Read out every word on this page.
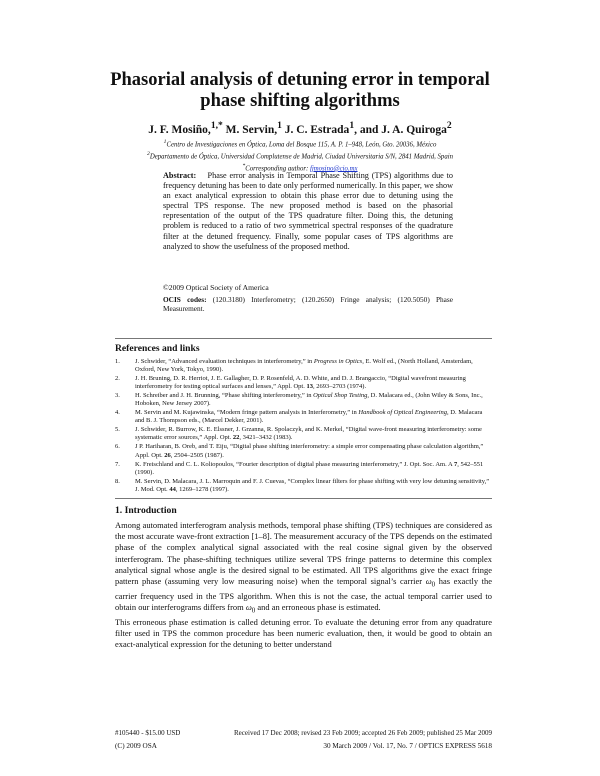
Phasorial analysis of detuning error in temporal
phase shifting algorithms
J. F. Mosiño,$^{1,*}$ M. Servin,$^1$ J. C. Estrada$^1$, and J. A. Quiroga$^2$
$^1$Centro de Investigaciones en Óptica, Loma del Bosque 115, A. P. 1–948, León, Gto. 20036, México
$^2$Departamento de Óptica, Universidad Complutense de Madrid, Ciudad Universitaria S/N, 2841 Madrid, Spain
*Corresponding author: fjmosino@cio.mx
Abstract: Phase error analysis in Temporal Phase Shifting (TPS) algorithms due to frequency detuning has been to date only performed numerically. In this paper, we show an exact analytical expression to obtain this phase error due to detuning using the spectral TPS response. The new proposed method is based on the phasorial representation of the output of the TPS quadrature filter. Doing this, the detuning problem is reduced to a ratio of two symmetrical spectral responses of the quadrature filter at the detuned frequency. Finally, some popular cases of TPS algorithms are analyzed to show the usefulness of the proposed method.
©2009 Optical Society of America
OCIS codes: (120.3180) Interferometry; (120.2650) Fringe analysis; (120.5050) Phase Measurement.
References and links
1. J. Schwider, “Advanced evaluation techniques in interferometry,” in Progress in Optics, E. Wolf ed., (North Holland, Amsterdam, Oxford, New York, Tokyo, 1990).
2. J. H. Bruning, D. R. Herriot, J. E. Gallagher, D. P. Rosenfeld, A. D. White, and D. J. Brangaccio, “Digital wavefront measuring interferometry for testing optical surfaces and lenses,” Appl. Opt. 13, 2693–2703 (1974).
3. H. Schreiber and J. H. Brunning, “Phase shifting interferometry,” in Optical Shop Testing, D. Malacara ed., (John Wiley & Sons, Inc., Hoboken, New Jersey 2007).
4. M. Servin and M. Kujawinska, “Modern fringe pattern analysis in Interferometry,” in Handbook of Optical Engineering, D. Malacara and B. J. Thompson eds., (Marcel Dekker, 2001).
5. J. Schwider, R. Burrow, K. E. Elssner, J. Grzanna, R. Spolaczyk, and K. Merkel, “Digital wave-front measuring interferometry: some systematic error sources,” Appl. Opt. 22, 3421–3432 (1983).
6. J P. Hariharan, B. Oreb, and T. Eiju, “Digital phase shifting interferometry: a simple error compensating phase calculation algorithm,” Appl. Opt. 26, 2504–2505 (1987).
7. K. Freischland and C. L. Koliopoulos, “Fourier description of digital phase measuring interferometry,” J. Opt. Soc. Am. A 7, 542–551 (1990).
8. M. Servin, D. Malacara, J. L. Marroquin and F. J. Cuevas, “Complex linear filters for phase shifting with very low detuning sensitivity,” J. Mod. Opt. 44, 1269–1278 (1997).
1. Introduction

Among automated interferogram analysis methods, temporal phase shifting (TPS) techniques are considered as the most accurate wave-front extraction [1–8]. The measurement accuracy of the TPS depends on the estimated phase of the complex analytical signal associated with the real cosine signal given by the observed interferogram. The phase-shifting techniques utilize several TPS fringe patterns to determine this complex analytical signal whose angle is the desired signal to be estimated. All TPS algorithms give the exact fringe pattern phase (assuming very low measuring noise) when the temporal signal’s carrier $\omega_0$ has exactly the carrier frequency used in the TPS algorithm. When this is not the case, the actual temporal carrier used to obtain our interferograms differs from $\omega_0$ and an erroneous phase is estimated.

This erroneous phase estimation is called detuning error. To evaluate the detuning error from any quadrature filter used in TPS the common procedure has been numeric evaluation, then, it would be good to obtain an exact-analytical expression for the detuning to better understand

#105440 - $15.00 USD	Received 17 Dec 2008; revised 23 Feb 2009; accepted 26 Feb 2009; published 25 Mar 2009
(C) 2009 OSA	30 March 2009 / Vol. 17, No. 7 / OPTICS EXPRESS 5618
